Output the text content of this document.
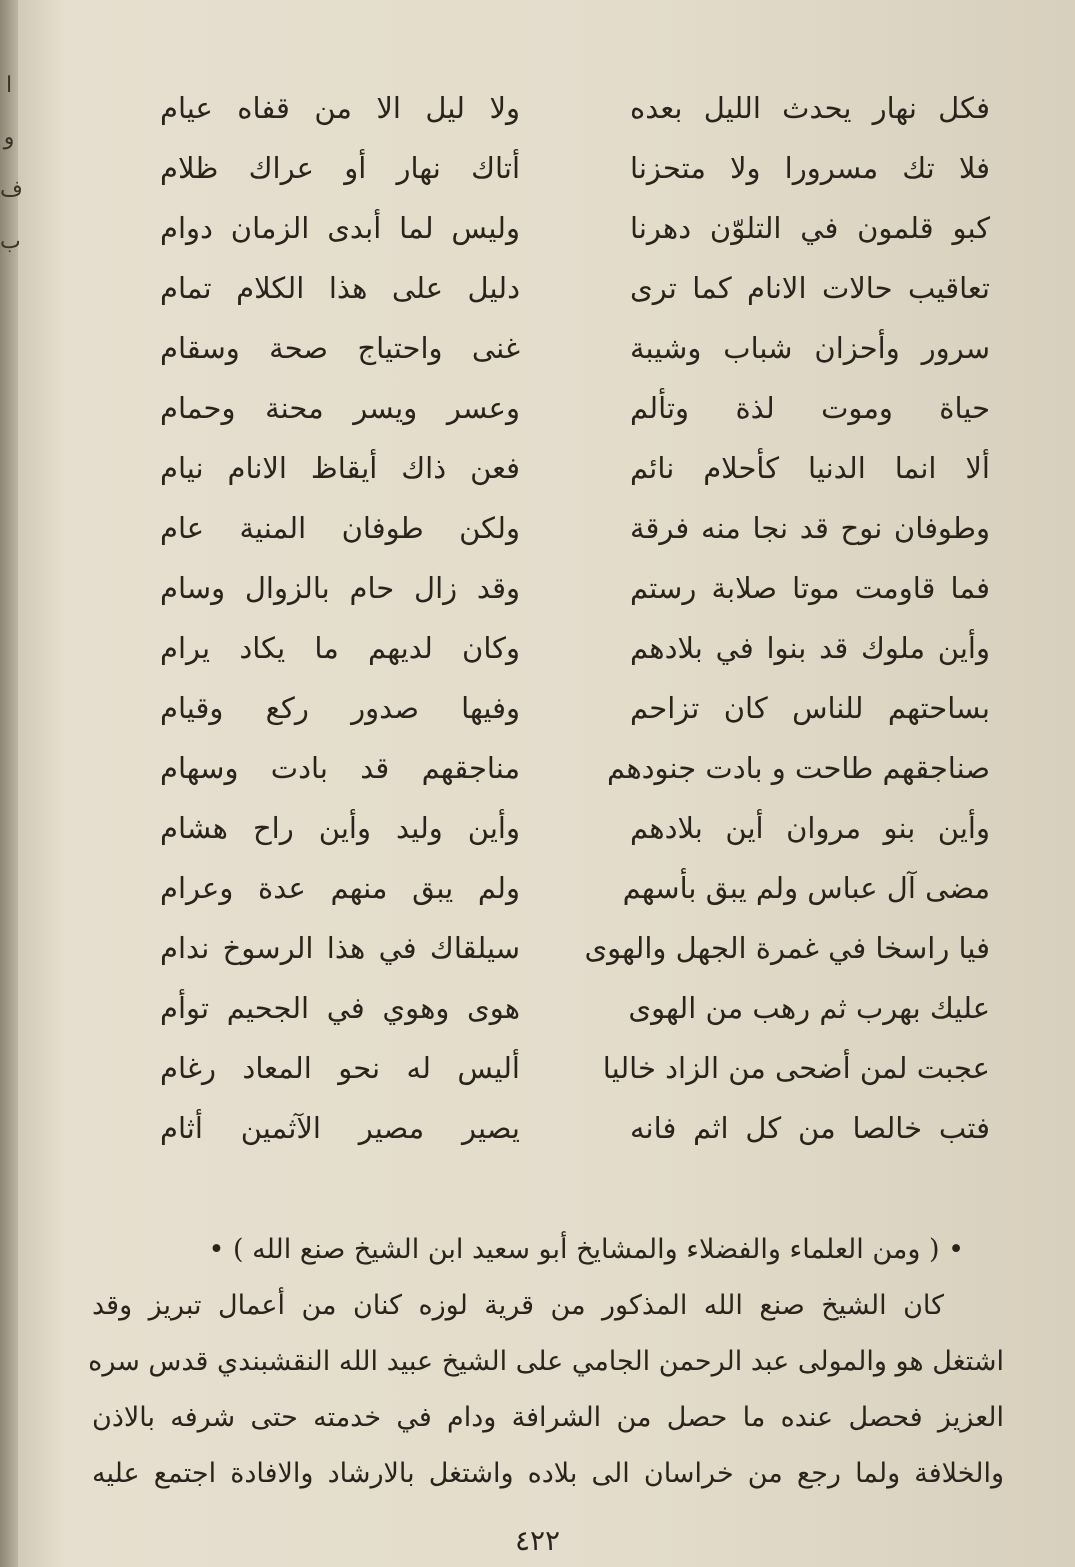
ا
و
ف
ب
فكل نهار يحدث الليل بعده
فلا تك مسرورا ولا متحزنا
كبو قلمون في التلوّن دهرنا
تعاقيب حالات الانام كما ترى
سرور وأحزان شباب وشيبة
حياة وموت لذة وتألم
ألا انما الدنيا كأحلام نائم
وطوفان نوح قد نجا منه فرقة
فما قاومت موتا صلابة رستم
وأين ملوك قد بنوا في بلادهم
بساحتهم للناس كان تزاحم
صناجقهم طاحت و بادت جنودهم
وأين بنو مروان أين بلادهم
مضى آل عباس ولم يبق بأسهم
فيا راسخا في غمرة الجهل والهوى
عليك بهرب ثم رهب من الهوى
عجبت لمن أضحى من الزاد خاليا
فتب خالصا من كل اثم فانه
ولا ليل الا من قفاه عيام
أتاك نهار أو عراك ظلام
وليس لما أبدى الزمان دوام
دليل على هذا الكلام تمام
غنى واحتياج صحة وسقام
وعسر ويسر محنة وحمام
فعن ذاك أيقاظ الانام نيام
ولكن طوفان المنية عام
وقد زال حام بالزوال وسام
وكان لديهم ما يكاد يرام
وفيها صدور ركع وقيام
مناجقهم قد بادت وسهام
وأين وليد وأين راح هشام
ولم يبق منهم عدة وعرام
سيلقاك في هذا الرسوخ ندام
هوى وهوي في الجحيم توأم
أليس له نحو المعاد رغام
يصير مصير الآثمين أثام
• ( ومن العلماء والفضلاء والمشايخ أبو سعيد ابن الشيخ صنع الله ) •
كان الشيخ صنع الله المذكور من قرية لوزه كنان من أعمال تبريز وقد
اشتغل هو والمولى عبد الرحمن الجامي على الشيخ عبيد الله النقشبندي قدس سره
العزيز فحصل عنده ما حصل من الشرافة ودام في خدمته حتى شرفه بالاذن
والخلافة ولما رجع من خراسان الى بلاده واشتغل بالارشاد والافادة اجتمع عليه
٤٢٢
